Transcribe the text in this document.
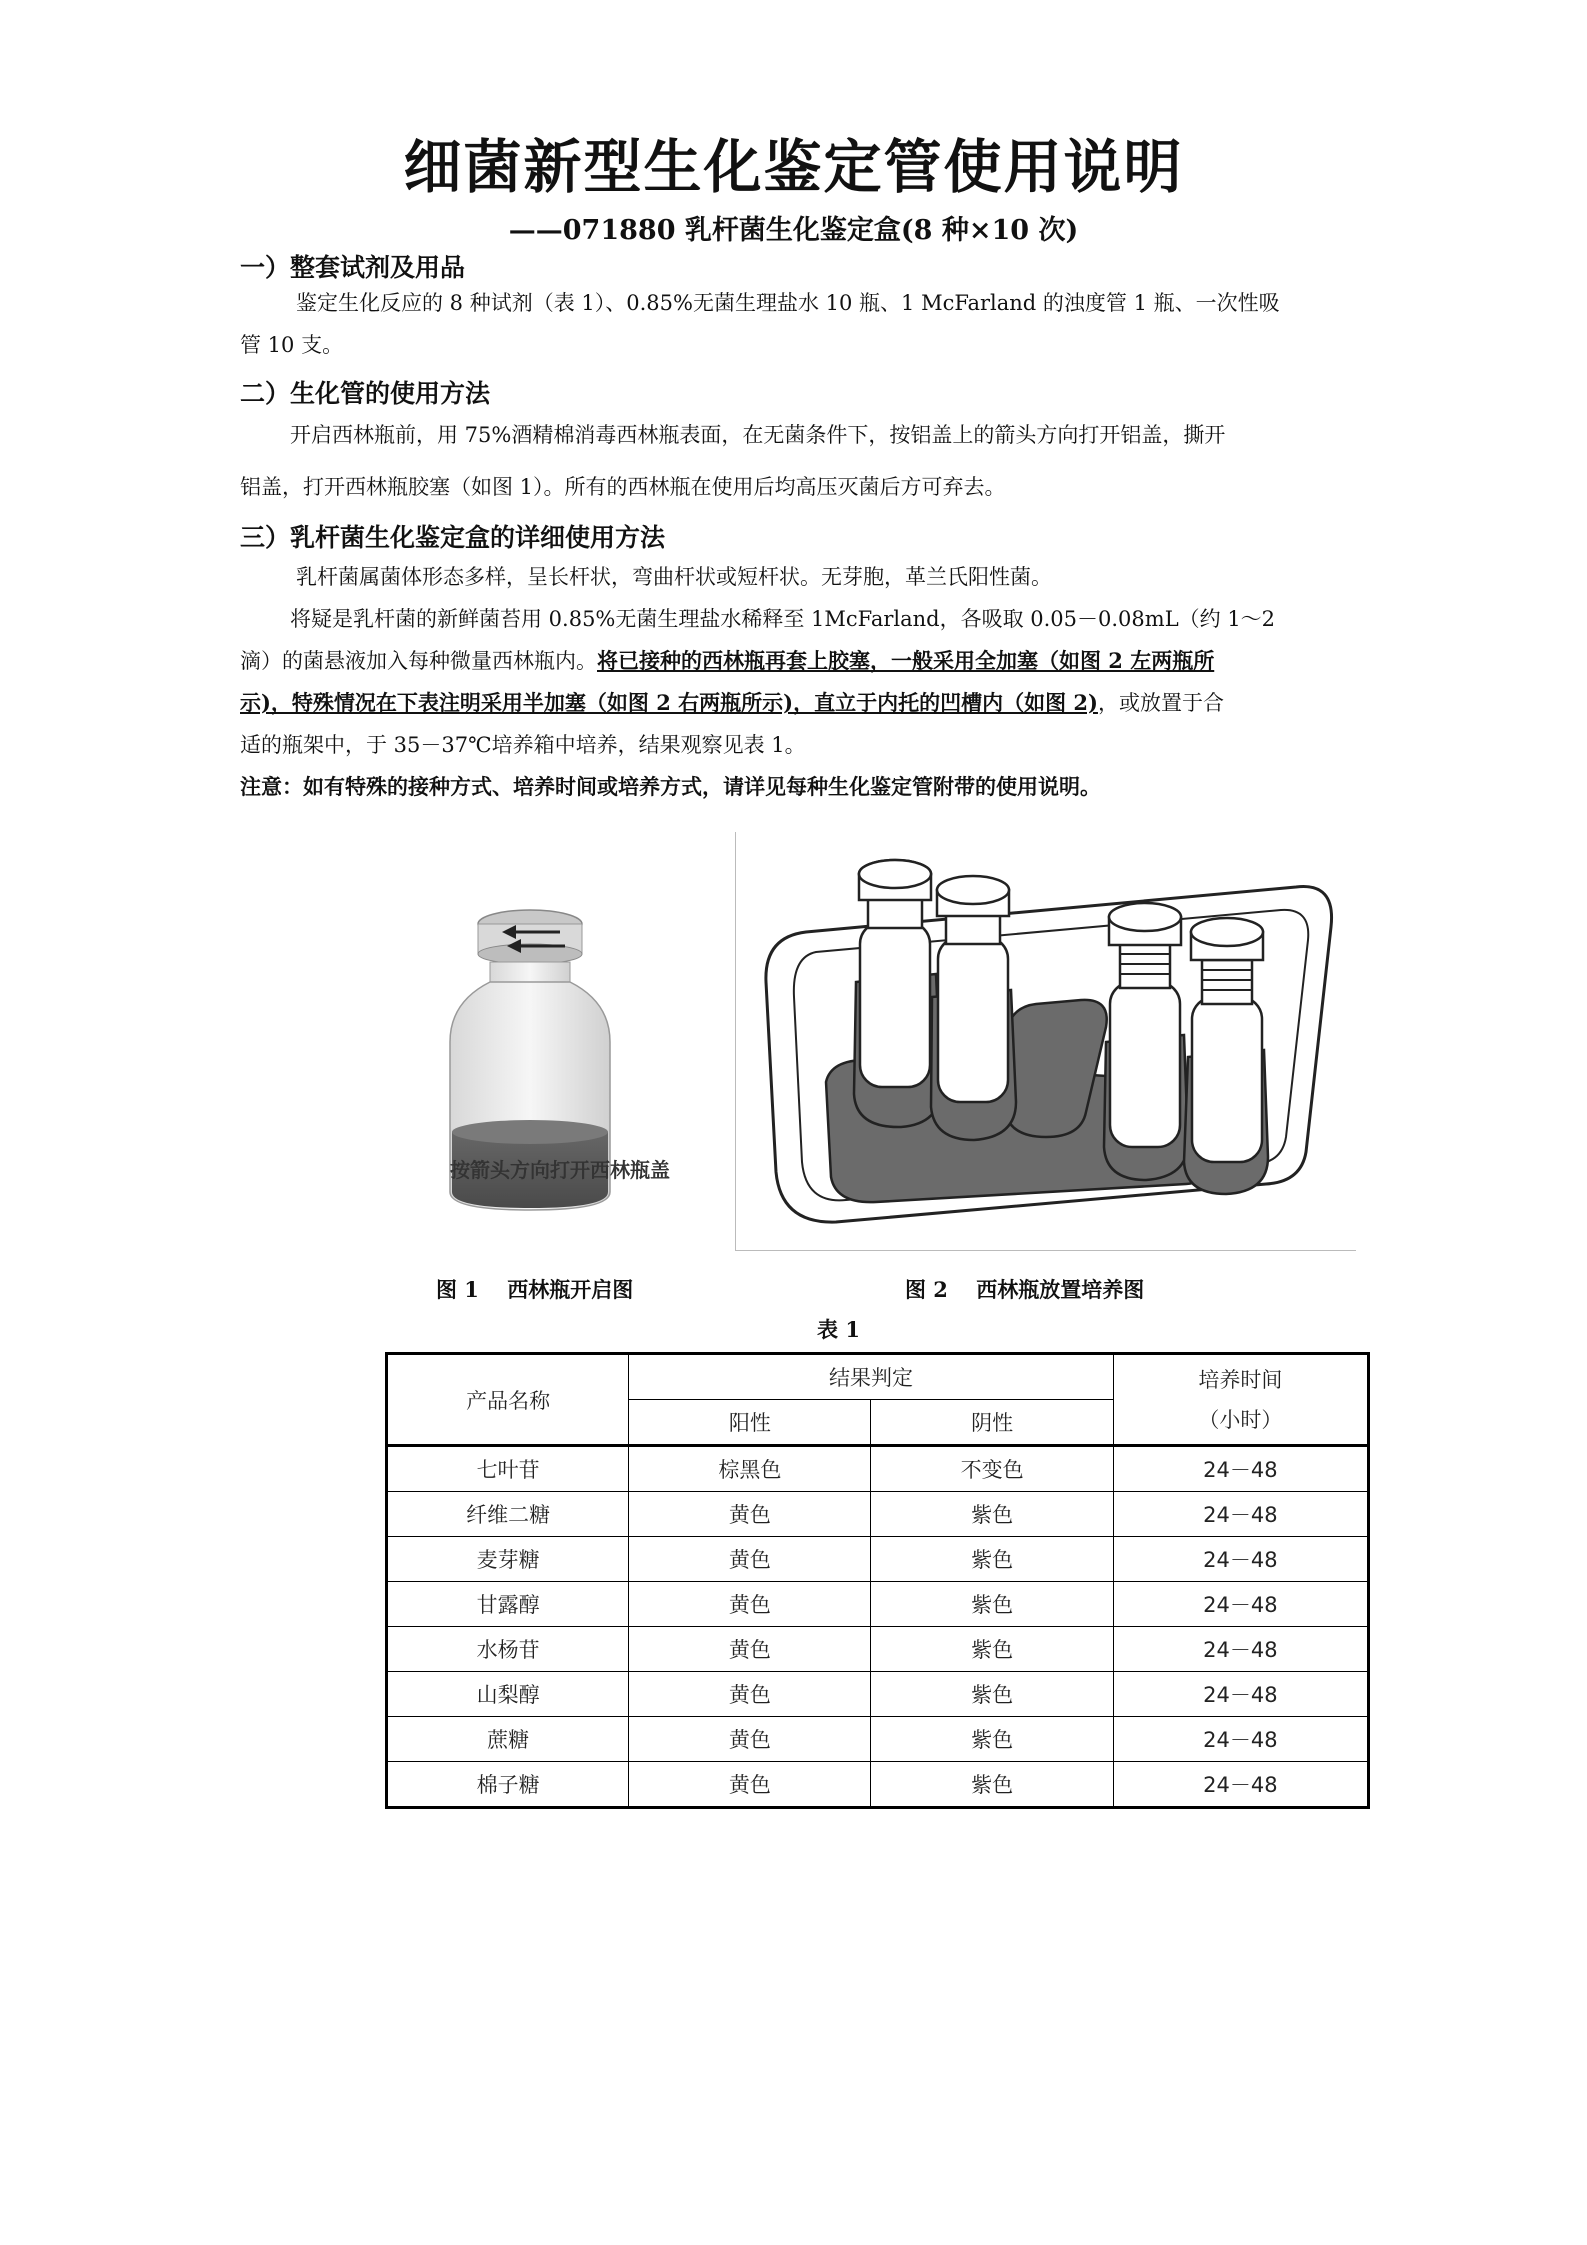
细菌新型生化鉴定管使用说明
——071880 乳杆菌生化鉴定盒(8 种×10 次)
一）整套试剂及用品
鉴定生化反应的 8 种试剂（表 1）、0.85%无菌生理盐水 10 瓶、1 McFarland 的浊度管 1 瓶、一次性吸

管 10 支。
二）生化管的使用方法
开启西林瓶前，用 75%酒精棉消毒西林瓶表面，在无菌条件下，按铝盖上的箭头方向打开铝盖，撕开
铝盖，打开西林瓶胶塞（如图 1）。所有的西林瓶在使用后均高压灭菌后方可弃去。
三）乳杆菌生化鉴定盒的详细使用方法
乳杆菌属菌体形态多样，呈长杆状，弯曲杆状或短杆状。无芽胞，革兰氏阳性菌。
将疑是乳杆菌的新鲜菌苔用 0.85%无菌生理盐水稀释至 1McFarland，各吸取 0.05－0.08mL（约 1～2
滴）的菌悬液加入每种微量西林瓶内。将已接种的西林瓶再套上胶塞，一般采用全加塞（如图 2 左两瓶所
示)，特殊情况在下表注明采用半加塞（如图 2 右两瓶所示)，直立于内托的凹槽内（如图 2)，或放置于合
适的瓶架中，于 35－37℃培养箱中培养，结果观察见表 1。
注意：如有特殊的接种方式、培养时间或培养方式，请详见每种生化鉴定管附带的使用说明。
按箭头方向打开西林瓶盖
图 1　 西林瓶开启图	图 2　 西林瓶放置培养图
表 1
产品名称	结果判定		培养时间
（小时）
	阳性	阴性	
七叶苷	棕黑色	不变色	24－48
纤维二糖	黄色	紫色	24－48
麦芽糖	黄色	紫色	24－48
甘露醇	黄色	紫色	24－48
水杨苷	黄色	紫色	24－48
山梨醇	黄色	紫色	24－48
蔗糖	黄色	紫色	24－48
棉子糖	黄色	紫色	24－48
